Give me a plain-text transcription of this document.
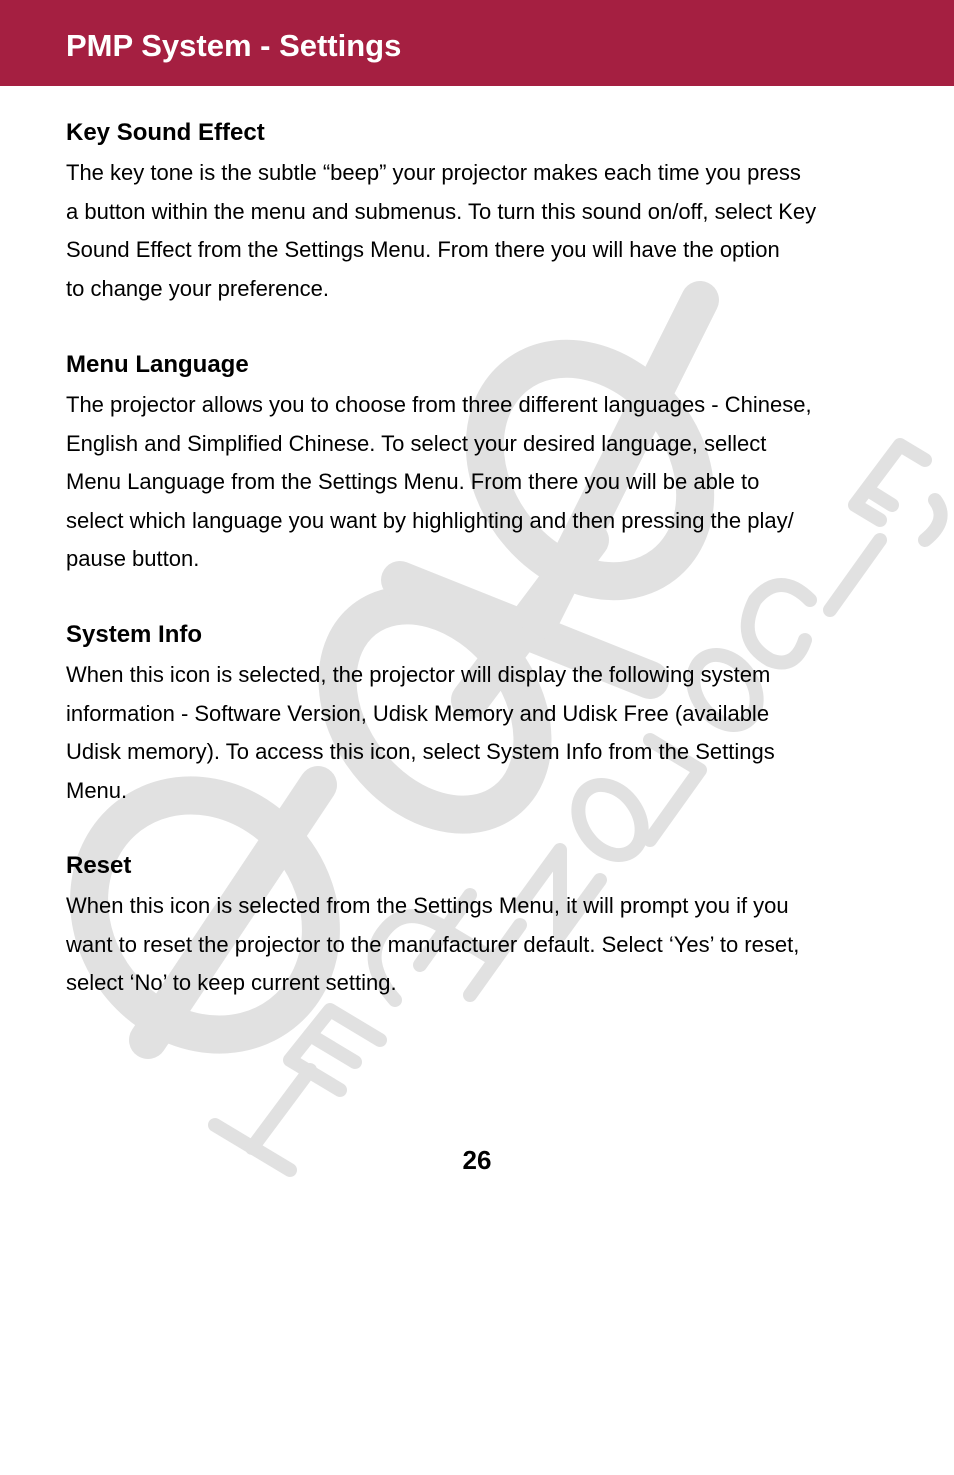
PMP System - Settings
Key Sound Effect

The key tone is the subtle “beep” your projector makes each time you press
a button within the menu and submenus. To turn this sound on/off, select Key
Sound Effect from the Settings Menu. From there you will have the option
to change your preference.

Menu Language

The projector allows you to choose from three different languages - Chinese,
English and Simplified Chinese. To select your desired language, sellect
Menu Language from the Settings Menu. From there you will be able to
select which language you want by highlighting and then pressing the play/
pause button.

System Info

When this icon is selected, the projector will display the following system
information - Software Version, Udisk Memory and Udisk Free (available
Udisk memory). To access this icon, select System Info from the Settings
Menu.

Reset

When this icon is selected from the Settings Menu, it will prompt you if you
want to reset the projector to the manufacturer default. Select ‘Yes’ to reset,
select ‘No’ to keep current setting.

26
